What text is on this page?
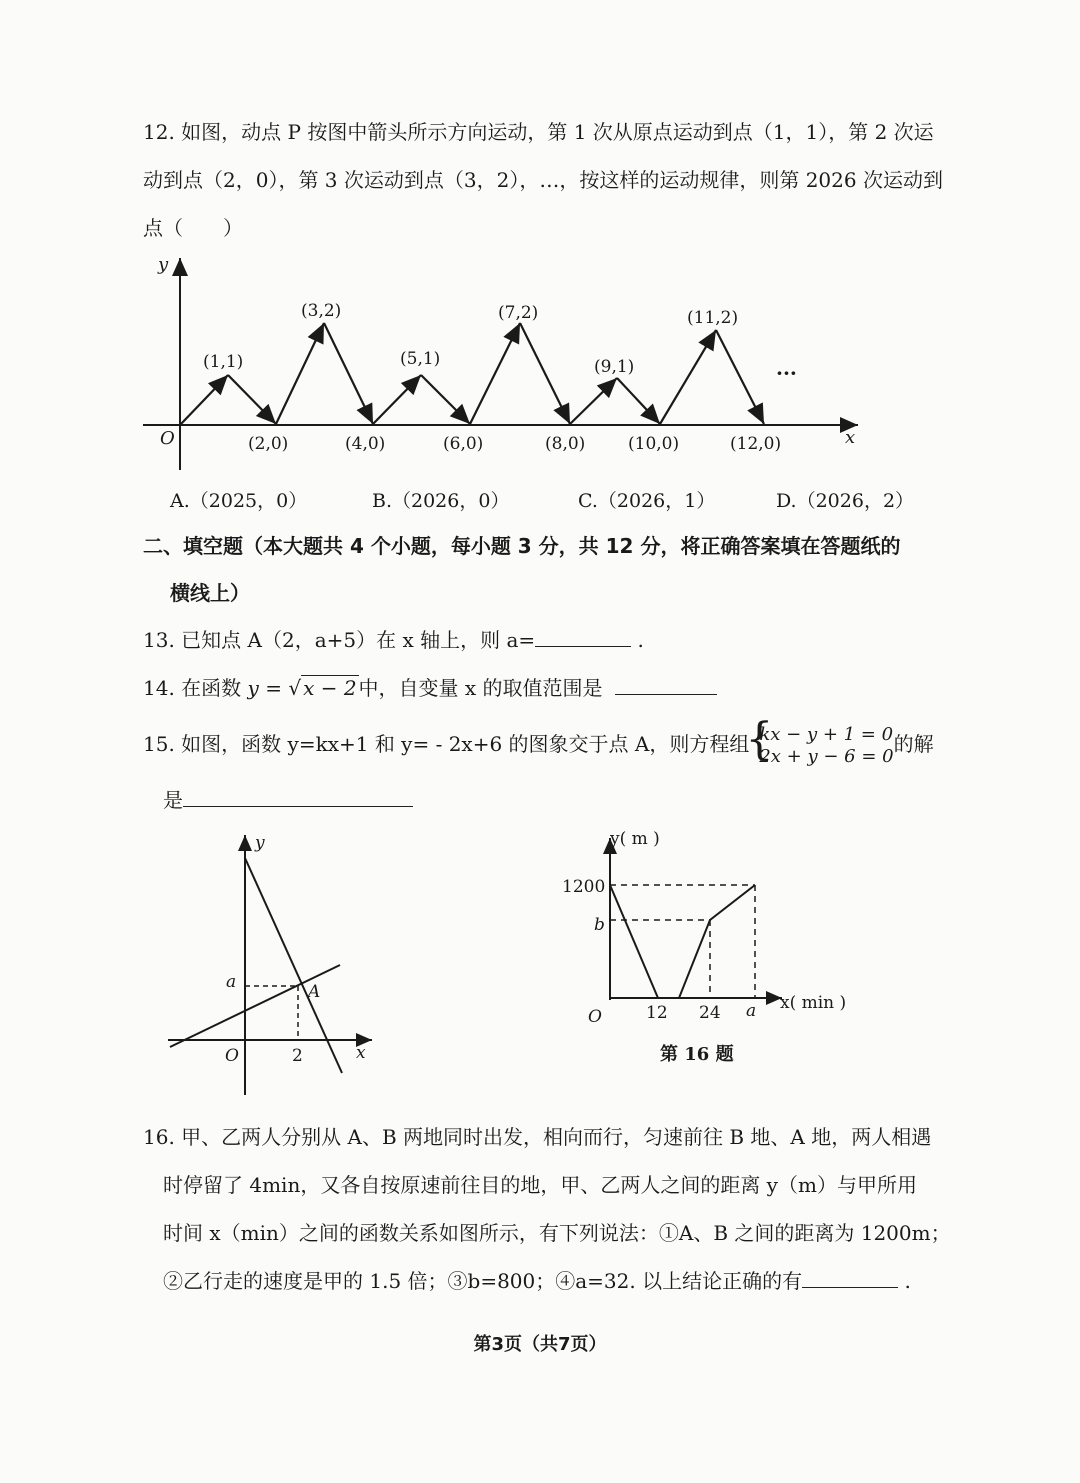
12. 如图，动点 P 按图中箭头所示方向运动，第 1 次从原点运动到点（1，1），第 2 次运
动到点（2，0），第 3 次运动到点（3，2），…，按这样的运动规律，则第 2026 次运动到
点（　　）
y
x
O
···
(1,1)
(3,2)
(5,1)
(7,2)
(9,1)
(11,2)
(2,0)	(4,0)	(6,0)	(8,0)	(10,0)	(12,0)
A.（2025，0）	B.（2026，0）	C.（2026，1）	D.（2026，2）
二、填空题（本大题共 4 个小题，每小题 3 分，共 12 分，将正确答案填在答题纸的
横线上）
13. 已知点 A（2，a+5）在 x 轴上，则 a=	.
14. 在函数 y = √ x − 2 中，自变量 x 的取值范围是
15. 如图，函数 y=kx+1 和 y= - 2x+6 的图象交于点 A，则方程组 { kx − y + 1 = 0
2x + y − 6 = 0 的解
是
y
x
O
a
2
A
y( m )
x( min )
O
1200
b
12 24 a
第 16 题
16. 甲、乙两人分别从 A、B 两地同时出发，相向而行，匀速前往 B 地、A 地，两人相遇
时停留了 4min，又各自按原速前往目的地，甲、乙两人之间的距离 y（m）与甲所用
时间 x（min）之间的函数关系如图所示，有下列说法：①A、B 之间的距离为 1200m；
②乙行走的速度是甲的 1.5 倍；③b=800；④a=32. 以上结论正确的有	.
第3页（共7页）
